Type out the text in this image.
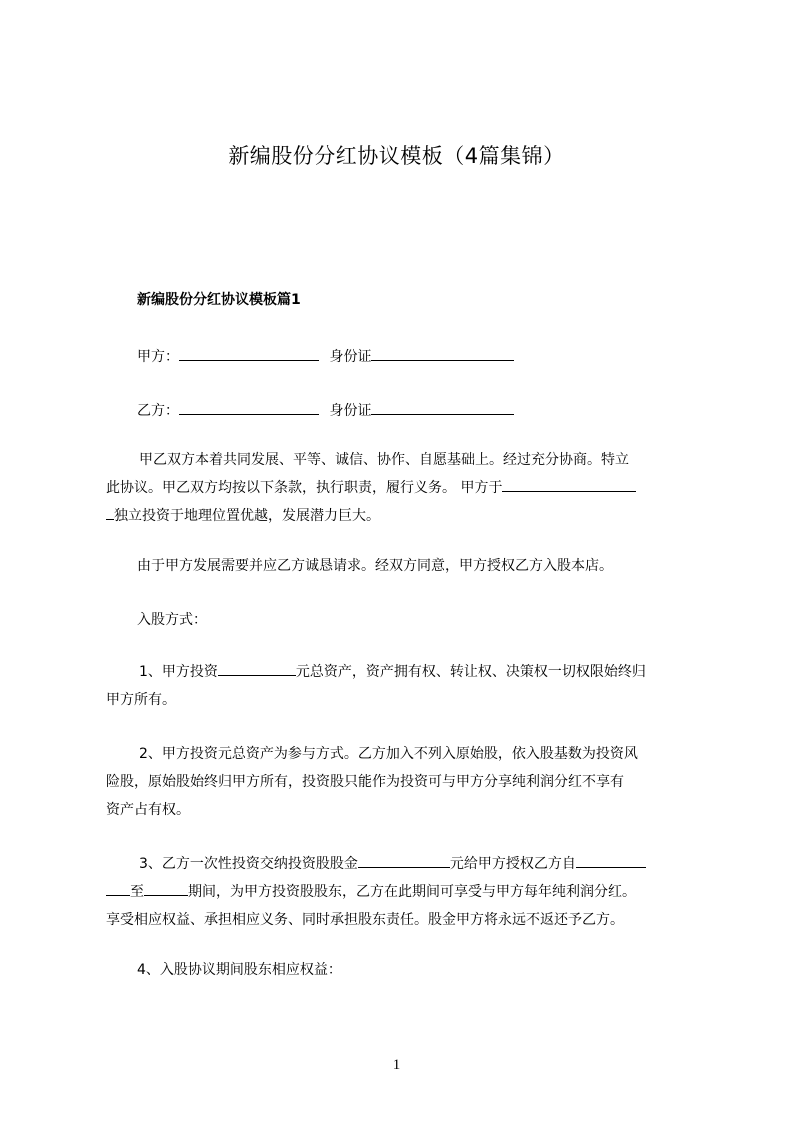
新编股份分红协议模板（4篇集锦）
新编股份分红协议模板篇1
甲方：	身份证
乙方：	身份证
甲乙双方本着共同发展、平等、诚信、协作、自愿基础上。经过充分协商。特立
此协议。甲乙双方均按以下条款，执行职责，履行义务。 甲方于
独立投资于地理位置优越，发展潜力巨大。
由于甲方发展需要并应乙方诚恳请求。经双方同意，甲方授权乙方入股本店。
入股方式：
1、甲方投资	元总资产，资产拥有权、转让权、决策权一切权限始终归
甲方所有。
2、甲方投资元总资产为参与方式。乙方加入不列入原始股，依入股基数为投资风
险股，原始股始终归甲方所有，投资股只能作为投资可与甲方分享纯利润分红不享有
资产占有权。
3、乙方一次性投资交纳投资股股金	元给甲方授权乙方自
至	期间，为甲方投资股股东，乙方在此期间可享受与甲方每年纯利润分红。
享受相应权益、承担相应义务、同时承担股东责任。股金甲方将永远不返还予乙方。
4、入股协议期间股东相应权益：
1
